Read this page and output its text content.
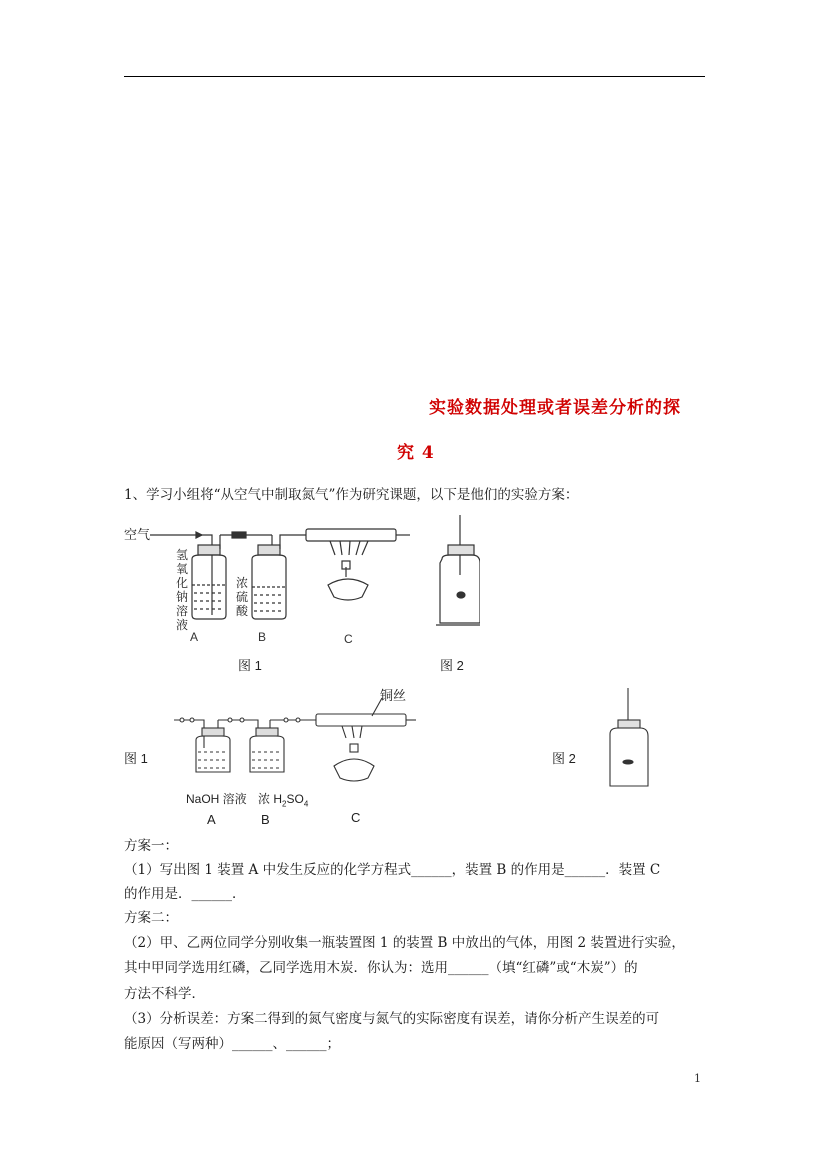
实验数据处理或者误差分析的探
究 4
1、学习小组将“从空气中制取氮气”作为研究课题，以下是他们的实验方案：
空气
氢
氧
化
钠
溶
液
浓
硫
酸
A	B	C
图 1	图 2
铜丝
图 1	图 2
NaOH 溶液 浓 $H_2SO_4$
A	B	C
方案一：
（1）写出图 1 装置 A 中发生反应的化学方程式______，装置 B 的作用是______．装置 C
的作用是．______．
方案二：
（2）甲、乙两位同学分别收集一瓶装置图 1 的装置 B 中放出的气体，用图 2 装置进行实验，
其中甲同学选用红磷，乙同学选用木炭．你认为：选用______（填“红磷”或“木炭”）的
方法不科学．
（3）分析误差：方案二得到的氮气密度与氮气的实际密度有误差，请你分析产生误差的可
能原因（写两种）______、______；
1
